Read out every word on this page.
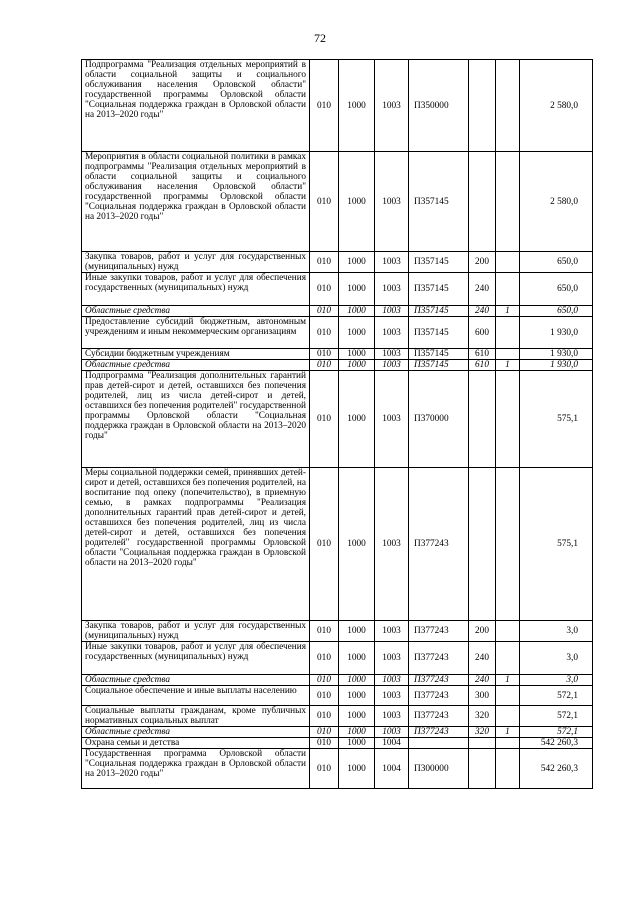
72
Подпрограмма "Реализация отдельных мероприятий в области социальной защиты и социального обслуживания населения Орловской области" государственной программы Орловской области "Социальная поддержка граждан в Орловской области на 2013–2020 годы"	010	1000	1003	П350000			2 580,0
Мероприятия в области социальной политики в рамках подпрограммы "Реализация отдельных мероприятий в области социальной защиты и социального обслуживания населения Орловской области" государственной программы Орловской области "Социальная поддержка граждан в Орловской области на 2013–2020 годы"	010	1000	1003	П357145			2 580,0
Закупка товаров, работ и услуг для государственных (муниципальных) нужд	010	1000	1003	П357145	200		650,0
Иные закупки товаров, работ и услуг для обеспечения государственных (муниципальных) нужд	010	1000	1003	П357145	240		650,0
Областные средства	010	1000	1003	П357145	240	1	650,0
Предоставление субсидий бюджетным, автономным учреждениям и иным некоммерческим организациям	010	1000	1003	П357145	600		1 930,0
Субсидии бюджетным учреждениям	010	1000	1003	П357145	610		1 930,0
Областные средства	010	1000	1003	П357145	610	1	1 930,0
Подпрограмма "Реализация дополнительных гарантий прав детей-сирот и детей, оставшихся без попечения родителей, лиц из числа детей-сирот и детей, оставшихся без попечения родителей" государственной программы Орловской области "Социальная поддержка граждан в Орловской области на 2013–2020 годы"	010	1000	1003	П370000			575,1
Меры социальной поддержки семей, принявших детей-сирот и детей, оставшихся без попечения родителей, на воспитание под опеку (попечительство), в приемную семью, в рамках подпрограммы "Реализация дополнительных гарантий прав детей-сирот и детей, оставшихся без попечения родителей, лиц из числа детей-сирот и детей, оставшихся без попечения родителей" государственной программы Орловской области "Социальная поддержка граждан в Орловской области на 2013–2020 годы"	010	1000	1003	П377243			575,1
Закупка товаров, работ и услуг для государственных (муниципальных) нужд	010	1000	1003	П377243	200		3,0
Иные закупки товаров, работ и услуг для обеспечения государственных (муниципальных) нужд	010	1000	1003	П377243	240		3,0
Областные средства	010	1000	1003	П377243	240	1	3,0
Социальное обеспечение и иные выплаты населению	010	1000	1003	П377243	300		572,1
Социальные выплаты гражданам, кроме публичных нормативных социальных выплат	010	1000	1003	П377243	320		572,1
Областные средства	010	1000	1003	П377243	320	1	572,1
Охрана семьи и детства	010	1000	1004				542 260,3
Государственная программа Орловской области "Социальная поддержка граждан в Орловской области на 2013–2020 годы"	010	1000	1004	П300000			542 260,3
